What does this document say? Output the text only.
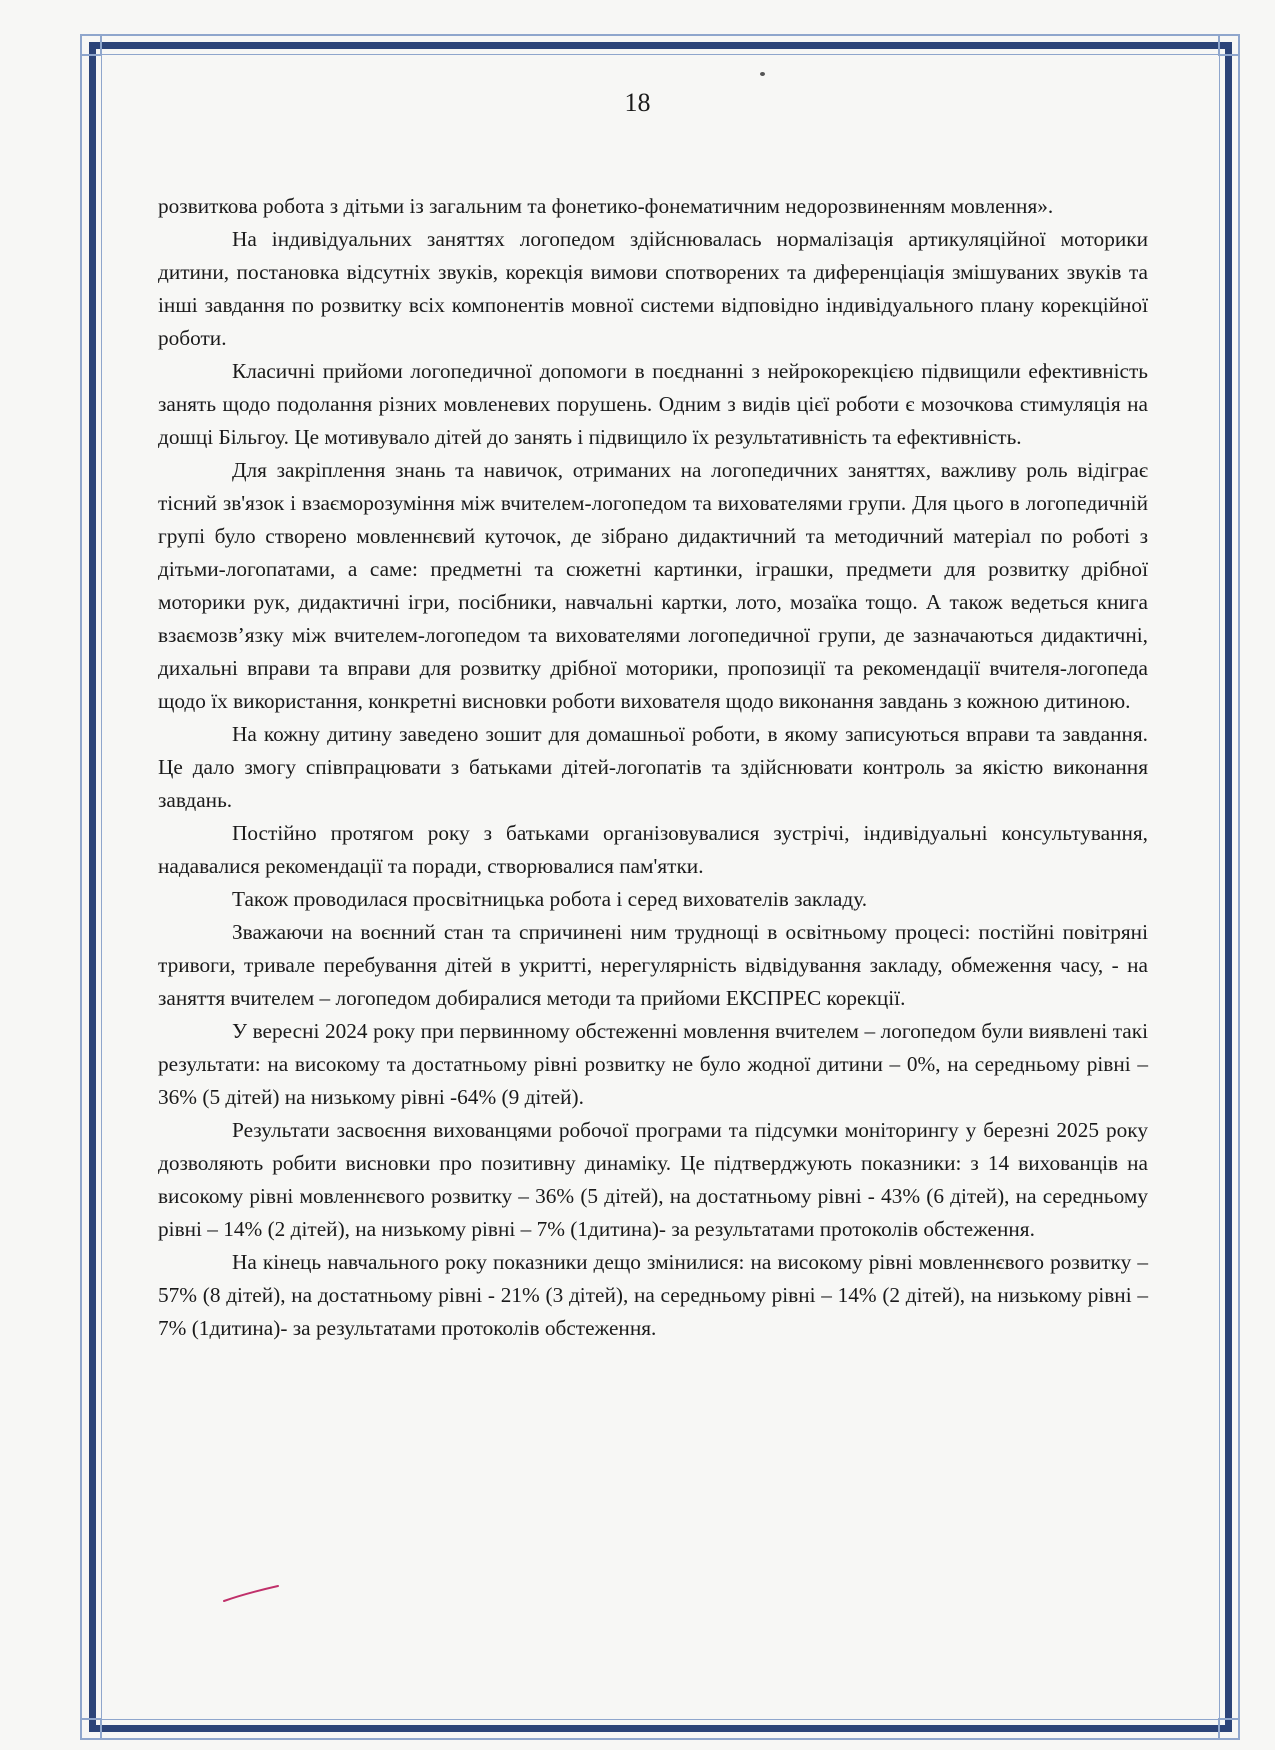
18

розвиткова робота з дітьми із загальним та фонетико-фонематичним недорозвиненням мовлення».

На індивідуальних заняттях логопедом здійснювалась нормалізація артикуляційної моторики дитини, постановка відсутніх звуків, корекція вимови спотворених та диференціація змішуваних звуків та інші завдання по розвитку всіх компонентів мовної системи відповідно індивідуального плану корекційної роботи.

Класичні прийоми логопедичної допомоги в поєднанні з нейрокорекцією підвищили ефективність занять щодо подолання різних мовленевих порушень. Одним з видів цієї роботи є мозочкова стимуляція на дошці Більгоу. Це мотивувало дітей до занять і підвищило їх результативність та ефективність.

Для закріплення знань та навичок, отриманих на логопедичних заняттях, важливу роль відіграє тісний зв'язок і взаєморозуміння між вчителем-логопедом та вихователями групи. Для цього в логопедичній групі було створено мовленнєвий куточок, де зібрано дидактичний та методичний матеріал по роботі з дітьми-логопатами, а саме: предметні та сюжетні картинки, іграшки, предмети для розвитку дрібної моторики рук, дидактичні ігри, посібники, навчальні картки, лото, мозаїка тощо. А також ведеться книга взаємозв’язку між вчителем-логопедом та вихователями логопедичної групи, де зазначаються дидактичні, дихальні вправи та вправи для розвитку дрібної моторики, пропозиції та рекомендації вчителя-логопеда щодо їх використання, конкретні висновки роботи вихователя щодо виконання завдань з кожною дитиною.

На кожну дитину заведено зошит для домашньої роботи, в якому записуються вправи та завдання. Це дало змогу співпрацювати з батьками дітей-логопатів та здійснювати контроль за якістю виконання завдань.

Постійно протягом року з батьками організовувалися зустрічі, індивідуальні консультування, надавалися рекомендації та поради, створювалися пам'ятки.

Також проводилася просвітницька робота і серед вихователів закладу.

Зважаючи на воєнний стан та спричинені ним труднощі в освітньому процесі: постійні повітряні тривоги, тривале перебування дітей в укритті, нерегулярність відвідування закладу, обмеження часу, - на заняття вчителем – логопедом добиралися методи та прийоми ЕКСПРЕС корекції.

У вересні 2024 року при первинному обстеженні мовлення вчителем – логопедом були виявлені такі результати: на високому та достатньому рівні розвитку не було жодної дитини – 0%, на середньому рівні – 36% (5 дітей) на низькому рівні -64% (9 дітей).

Результати засвоєння вихованцями робочої програми та підсумки моніторингу у березні 2025 року дозволяють робити висновки про позитивну динаміку. Це підтверджують показники: з 14 вихованців на високому рівні мовленнєвого розвитку – 36% (5 дітей), на достатньому рівні - 43% (6 дітей), на середньому рівні – 14% (2 дітей), на низькому рівні – 7% (1дитина)- за результатами протоколів обстеження.

На кінець навчального року показники дещо змінилися: на високому рівні мовленнєвого розвитку – 57% (8 дітей), на достатньому рівні - 21% (3 дітей), на середньому рівні – 14% (2 дітей), на низькому рівні – 7% (1дитина)- за результатами протоколів обстеження.
